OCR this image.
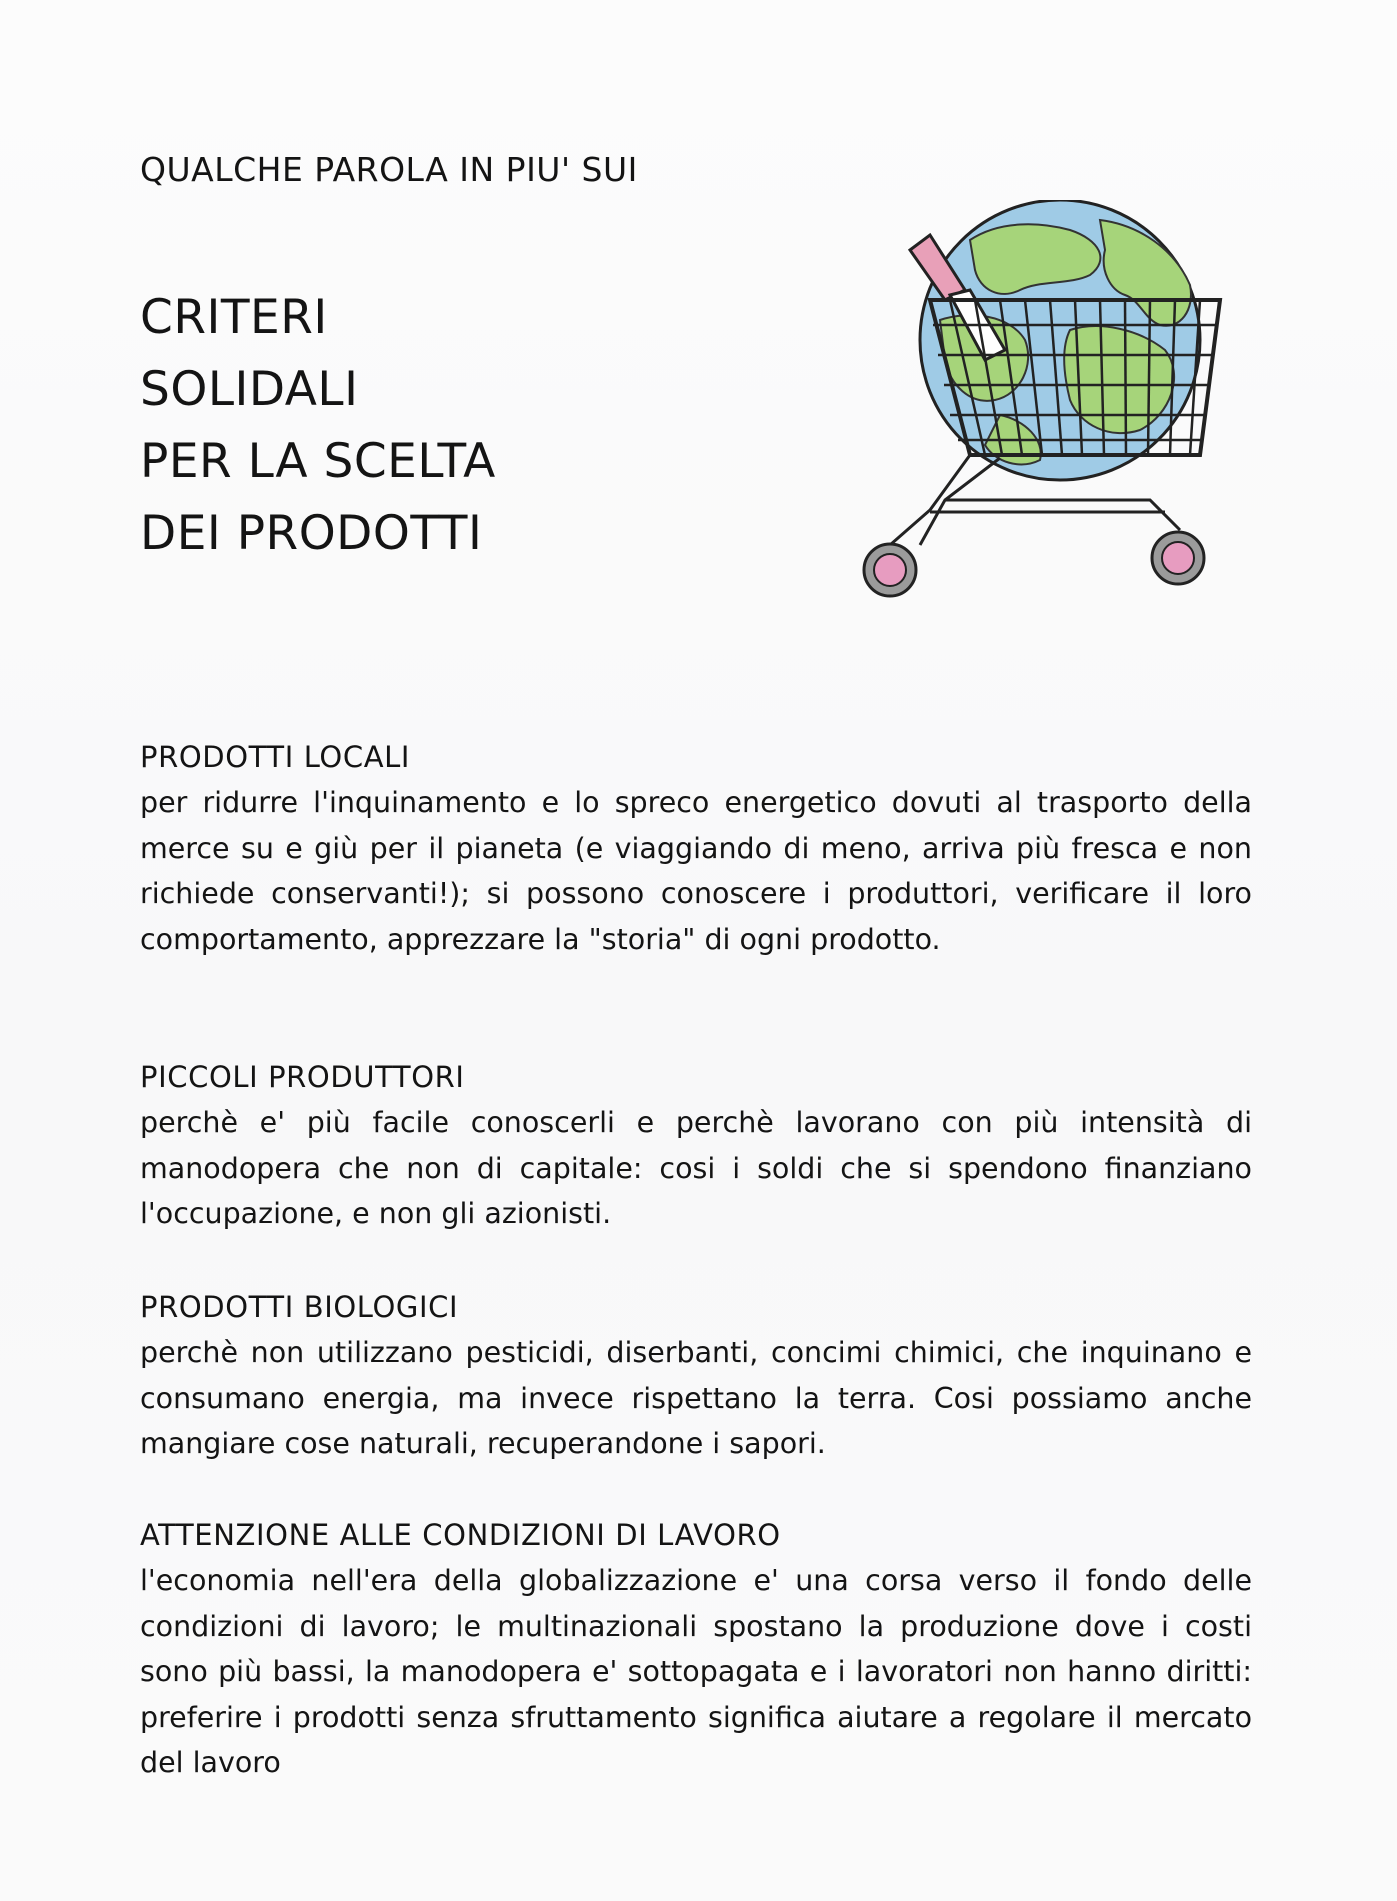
QUALCHE PAROLA IN PIU' SUI
CRITERI
SOLIDALI
PER LA SCELTA
DEI PRODOTTI
PRODOTTI LOCALI

per ridurre l'inquinamento e lo spreco energetico dovuti al trasporto della merce su e giù per il pianeta (e viaggiando di meno, arriva più fresca e non richiede conservanti!); si possono conoscere i produttori, verificare il loro comportamento, apprezzare la "storia" di ogni prodotto.

PICCOLI PRODUTTORI

perchè e' più facile conoscerli e perchè lavorano con più intensità di manodopera che non di capitale: cosi i soldi che si spendono finanziano l'occupazione, e non gli azionisti.

PRODOTTI BIOLOGICI

perchè non utilizzano pesticidi, diserbanti, concimi chimici, che inquinano e consumano energia, ma invece rispettano la terra. Cosi possiamo anche mangiare cose naturali, recuperandone i sapori.

ATTENZIONE ALLE CONDIZIONI DI LAVORO

l'economia nell'era della globalizzazione e' una corsa verso il fondo delle condizioni di lavoro; le multinazionali spostano la produzione dove i costi sono più bassi, la manodopera e' sottopagata e i lavoratori non hanno diritti: preferire i prodotti senza sfruttamento significa aiutare a regolare il mercato del lavoro
